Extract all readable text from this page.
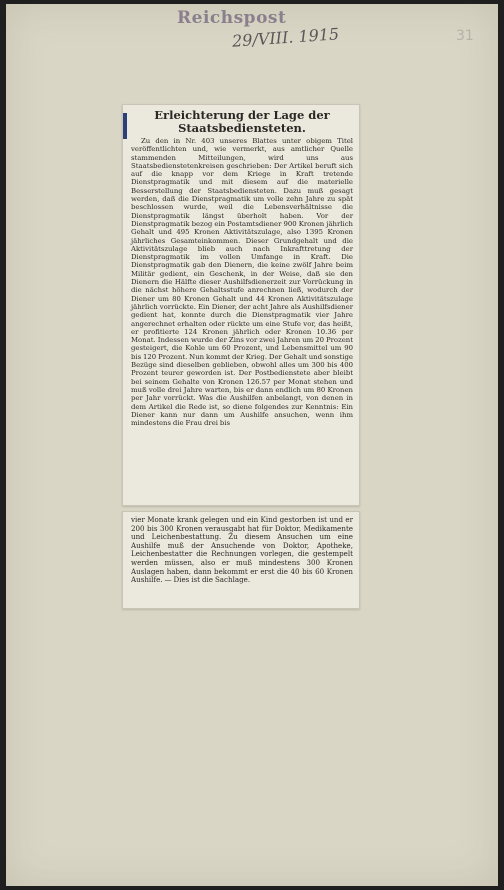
Reichspost
29/VIII. 1915	31
Erleichterung der Lage der Staatsbediensteten.

Zu den in Nr. 403 unseres Blattes unter obigem Titel veröffentlichten und, wie vermerkt, aus amtlicher Quelle stammenden Mitteilungen, wird uns aus Staatsbedienstetenkreisen geschrieben: Der Artikel beruft sich auf die knapp vor dem Kriege in Kraft tretende Dienstpragmatik und mit diesem auf die materielle Besserstellung der Staatsbediensteten. Dazu muß gesagt werden, daß die Dienstpragmatik um volle zehn Jahre zu spät beschlossen wurde, weil die Lebensverhältnisse die Dienstpragmatik längst überholt haben. Vor der Dienstpragmatik bezog ein Postamtsdiener 900 Kronen jährlich Gehalt und 495 Kronen Aktivitätszulage, also 1395 Kronen jährliches Gesamteinkommen. Dieser Grundgehalt und die Aktivitätszulage blieb auch nach Inkrafttretung der Dienstpragmatik im vollen Umfange in Kraft. Die Dienstpragmatik gab den Dienern, die keine zwölf Jahre beim Militär gedient, ein Geschenk, in der Weise, daß sie den Dienern die Hälfte dieser Aushilfsdienerzeit zur Vorrückung in die nächst höhere Gehaltsstufe anrechnen ließ, wodurch der Diener um 80 Kronen Gehalt und 44 Kronen Aktivitätszulage jährlich vorrückte. Ein Diener, der acht Jahre als Aushilfsdiener gedient hat, konnte durch die Dienstpragmatik vier Jahre angerechnet erhalten oder rückte um eine Stufe vor, das heißt, er profitierte 124 Kronen jährlich oder Kronen 10.36 per Monat. Indessen wurde der Zins vor zwei Jahren um 20 Prozent gesteigert, die Kohle um 60 Prozent, und Lebensmittel um 90 bis 120 Prozent. Nun kommt der Krieg. Der Gehalt und sonstige Bezüge sind dieselben geblieben, obwohl alles um 300 bis 400 Prozent teurer geworden ist. Der Postbedienstete aber bleibt bei seinem Gehalte von Kronen 126.57 per Monat stehen und muß volle drei Jahre warten, bis er dann endlich um 80 Kronen per Jahr vorrückt. Was die Aushilfen anbelangt, von denen in dem Artikel die Rede ist, so diene folgendes zur Kenntnis: Ein Diener kann nur dann um Aushilfe ansuchen, wenn ihm mindestens die Frau drei bis

vier Monate krank gelegen und ein Kind gestorben ist und er 200 bis 300 Kronen verausgabt hat für Doktor, Medikamente und Leichenbestattung. Zu diesem Ansuchen um eine Aushilfe muß der Ansuchende von Doktor, Apotheke, Leichenbestatter die Rechnungen vorlegen, die gestempelt werden müssen, also er muß mindestens 300 Kronen Auslagen haben, dann bekommt er erst die 40 bis 60 Kronen Aushilfe. — Dies ist die Sachlage.
